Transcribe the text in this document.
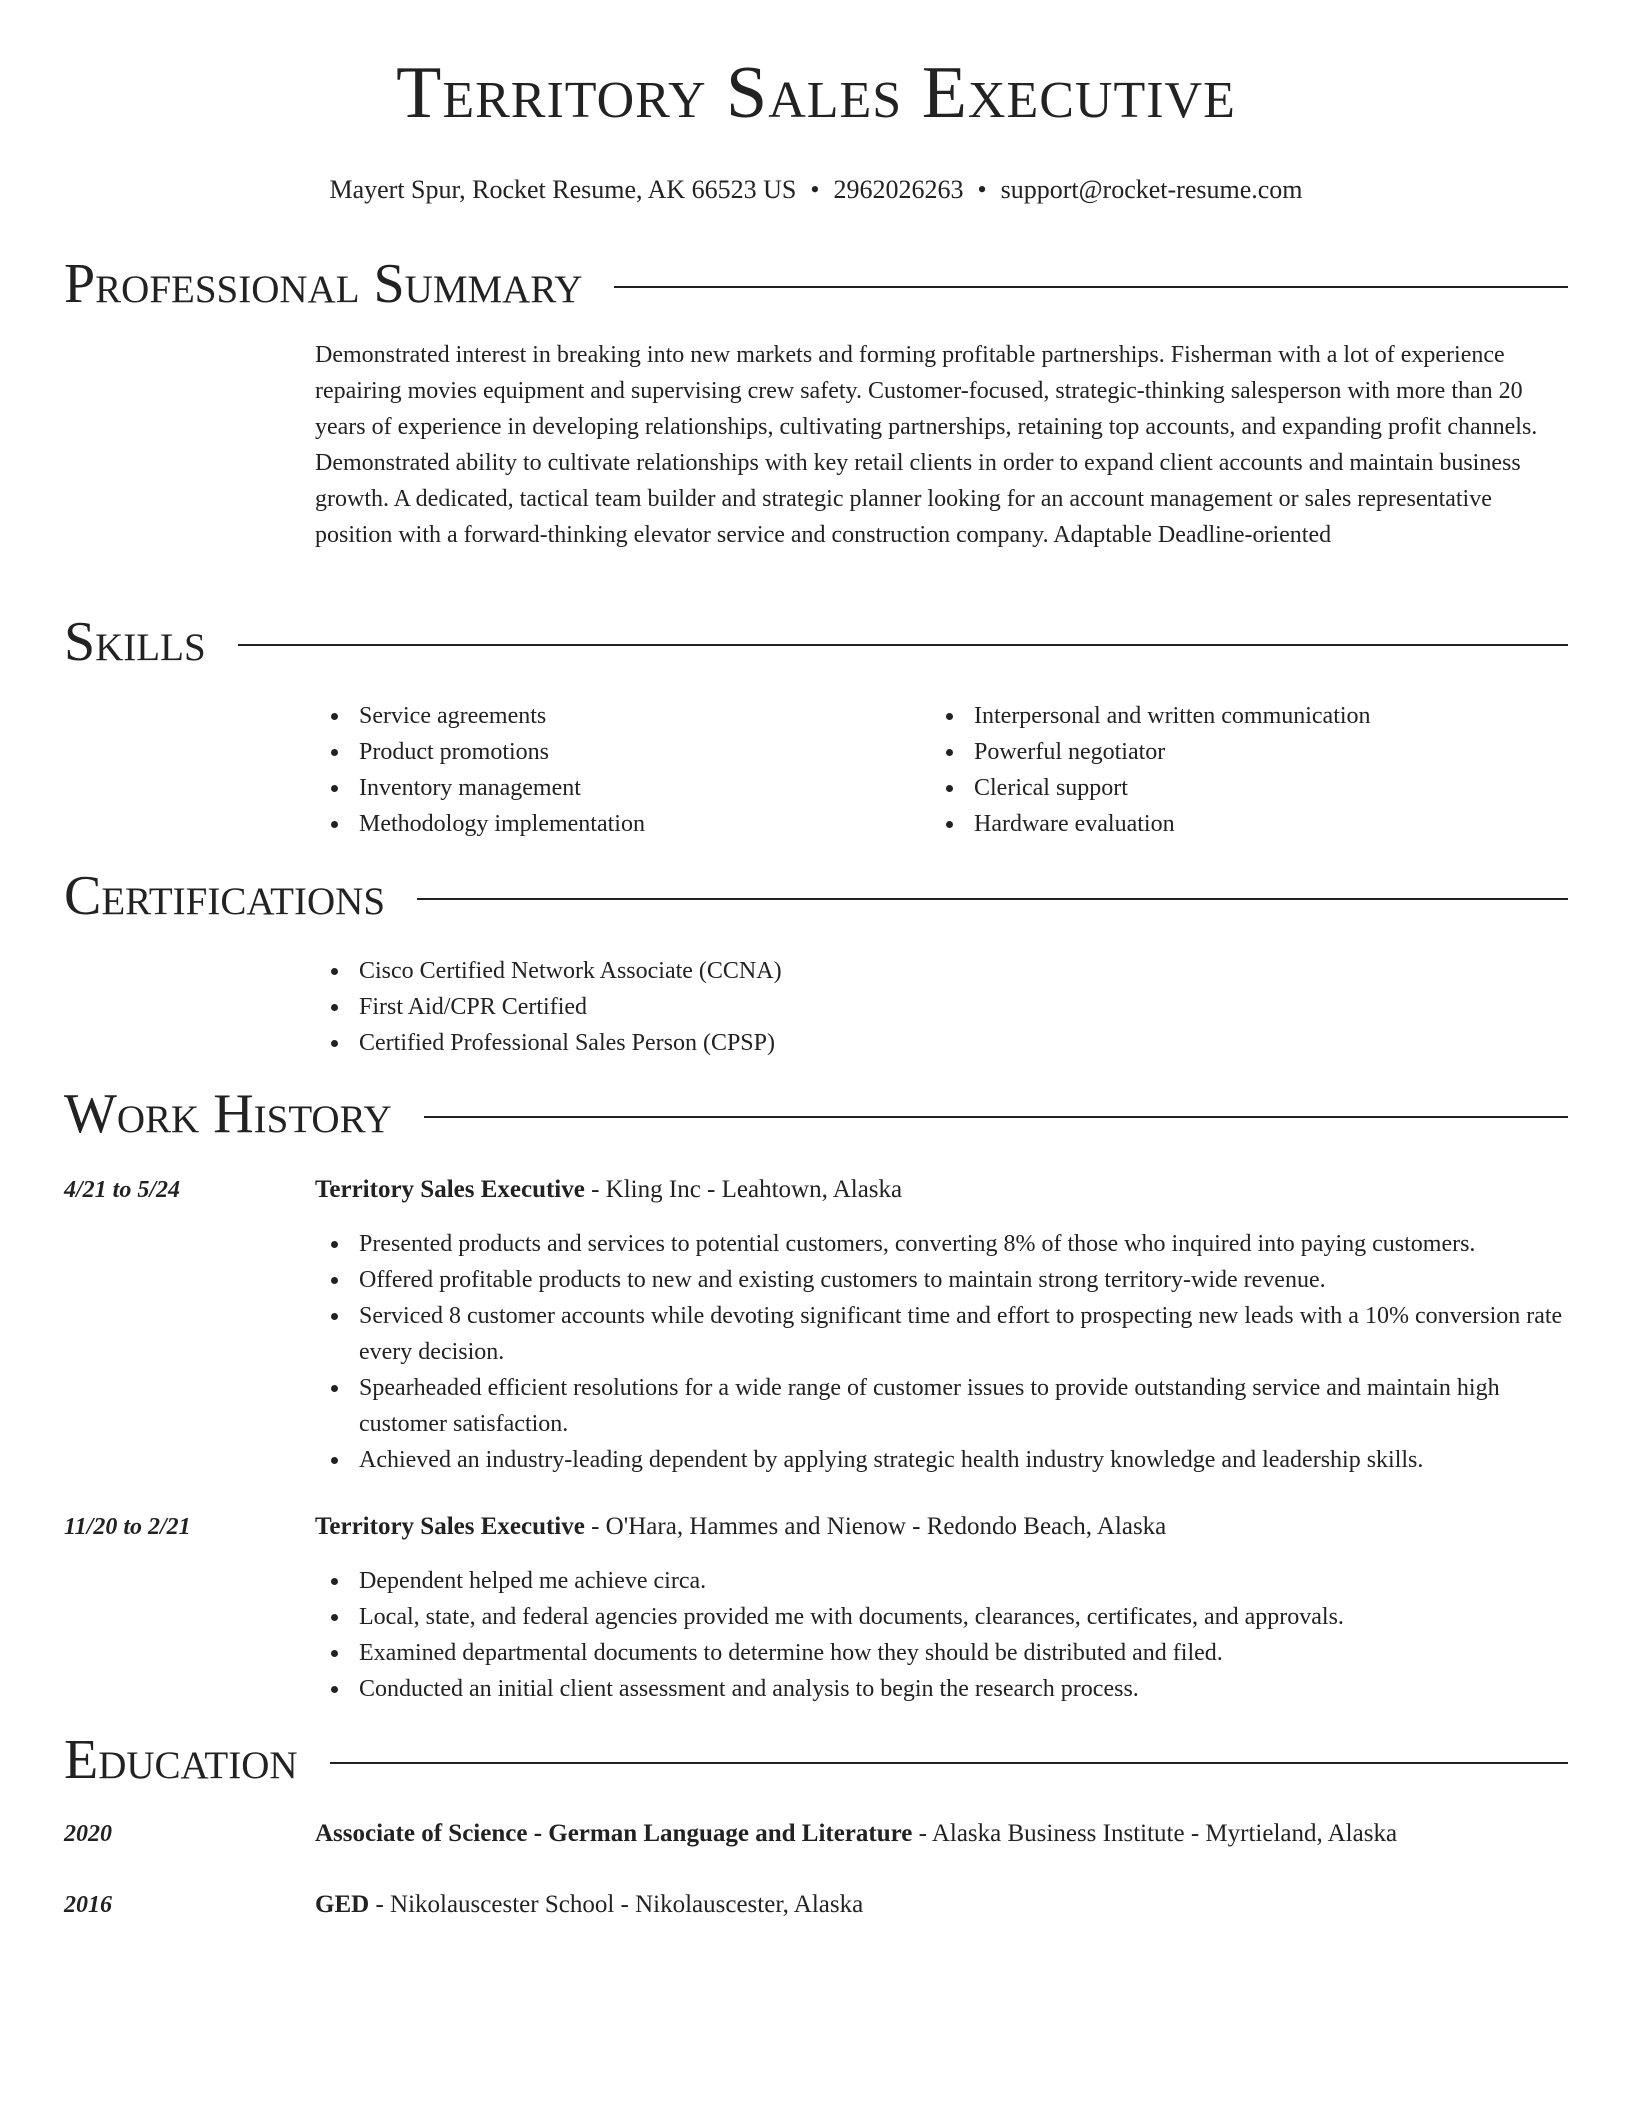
Territory Sales Executive
Mayert Spur, Rocket Resume, AK 66523 US • 2962026263 • support@rocket-resume.com
Professional Summary
Demonstrated interest in breaking into new markets and forming profitable partnerships. Fisherman with a lot of experience repairing movies equipment and supervising crew safety. Customer-focused, strategic-thinking salesperson with more than 20 years of experience in developing relationships, cultivating partnerships, retaining top accounts, and expanding profit channels. Demonstrated ability to cultivate relationships with key retail clients in order to expand client accounts and maintain business growth. A dedicated, tactical team builder and strategic planner looking for an account management or sales representative position with a forward-thinking elevator service and construction company. Adaptable Deadline-oriented
Skills
Service agreements
Product promotions
Inventory management
Methodology implementation
Interpersonal and written communication
Powerful negotiator
Clerical support
Hardware evaluation
Certifications
Cisco Certified Network Associate (CCNA)
First Aid/CPR Certified
Certified Professional Sales Person (CPSP)
Work History
4/21 to 5/24	Territory Sales Executive - Kling Inc - Leahtown, Alaska
Presented products and services to potential customers, converting 8% of those who inquired into paying customers.
Offered profitable products to new and existing customers to maintain strong territory-wide revenue.
Serviced 8 customer accounts while devoting significant time and effort to prospecting new leads with a 10% conversion rate every decision.
Spearheaded efficient resolutions for a wide range of customer issues to provide outstanding service and maintain high customer satisfaction.
Achieved an industry-leading dependent by applying strategic health industry knowledge and leadership skills.
11/20 to 2/21	Territory Sales Executive - O'Hara, Hammes and Nienow - Redondo Beach, Alaska
Dependent helped me achieve circa.
Local, state, and federal agencies provided me with documents, clearances, certificates, and approvals.
Examined departmental documents to determine how they should be distributed and filed.
Conducted an initial client assessment and analysis to begin the research process.
Education
2020	Associate of Science - German Language and Literature - Alaska Business Institute - Myrtieland, Alaska
2016	GED - Nikolauscester School - Nikolauscester, Alaska
